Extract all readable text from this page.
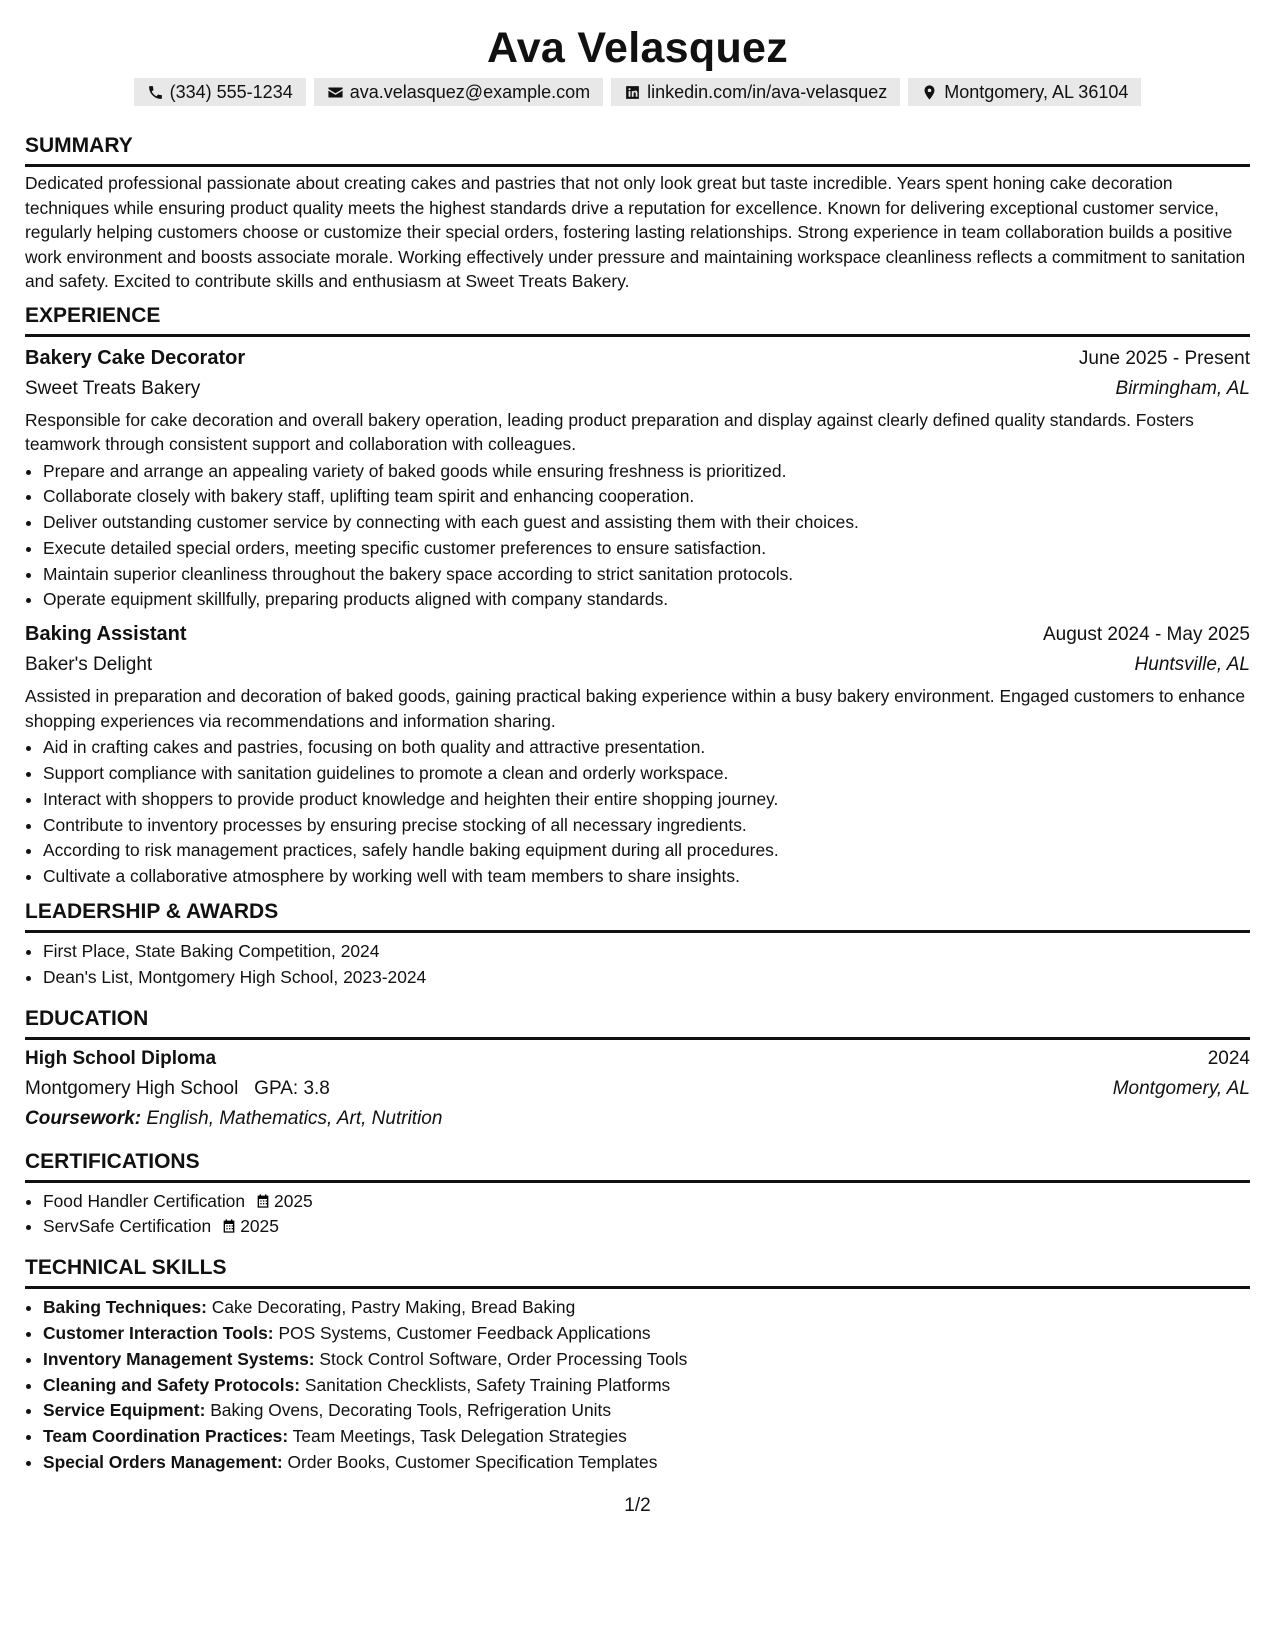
Ava Velasquez
(334) 555-1234	ava.velasquez@example.com	linkedin.com/in/ava-velasquez	Montgomery, AL 36104
SUMMARY

Dedicated professional passionate about creating cakes and pastries that not only look great but taste incredible. Years spent honing cake decoration techniques while ensuring product quality meets the highest standards drive a reputation for excellence. Known for delivering exceptional customer service, regularly helping customers choose or customize their special orders, fostering lasting relationships. Strong experience in team collaboration builds a positive work environment and boosts associate morale. Working effectively under pressure and maintaining workspace cleanliness reflects a commitment to sanitation and safety. Excited to contribute skills and enthusiasm at Sweet Treats Bakery.

EXPERIENCE
Bakery Cake Decorator	June 2025 - Present
Sweet Treats Bakery	Birmingham, AL

Responsible for cake decoration and overall bakery operation, leading product preparation and display against clearly defined quality standards. Fosters teamwork through consistent support and collaboration with colleagues.

• Prepare and arrange an appealing variety of baked goods while ensuring freshness is prioritized.
• Collaborate closely with bakery staff, uplifting team spirit and enhancing cooperation.
• Deliver outstanding customer service by connecting with each guest and assisting them with their choices.
• Execute detailed special orders, meeting specific customer preferences to ensure satisfaction.
• Maintain superior cleanliness throughout the bakery space according to strict sanitation protocols.
• Operate equipment skillfully, preparing products aligned with company standards.
Baking Assistant	August 2024 - May 2025
Baker's Delight	Huntsville, AL

Assisted in preparation and decoration of baked goods, gaining practical baking experience within a busy bakery environment. Engaged customers to enhance shopping experiences via recommendations and information sharing.

• Aid in crafting cakes and pastries, focusing on both quality and attractive presentation.
• Support compliance with sanitation guidelines to promote a clean and orderly workspace.
• Interact with shoppers to provide product knowledge and heighten their entire shopping journey.
• Contribute to inventory processes by ensuring precise stocking of all necessary ingredients.
• According to risk management practices, safely handle baking equipment during all procedures.
• Cultivate a collaborative atmosphere by working well with team members to share insights.
LEADERSHIP & AWARDS
• First Place, State Baking Competition, 2024
• Dean's List, Montgomery High School, 2023-2024
EDUCATION
High School Diploma	2024
Montgomery High School GPA: 3.8	Montgomery, AL
Coursework: English, Mathematics, Art, Nutrition
CERTIFICATIONS
• Food Handler Certification 2025
• ServSafe Certification 2025
TECHNICAL SKILLS
• Baking Techniques: Cake Decorating, Pastry Making, Bread Baking
• Customer Interaction Tools: POS Systems, Customer Feedback Applications
• Inventory Management Systems: Stock Control Software, Order Processing Tools
• Cleaning and Safety Protocols: Sanitation Checklists, Safety Training Platforms
• Service Equipment: Baking Ovens, Decorating Tools, Refrigeration Units
• Team Coordination Practices: Team Meetings, Task Delegation Strategies
• Special Orders Management: Order Books, Customer Specification Templates
1/2
